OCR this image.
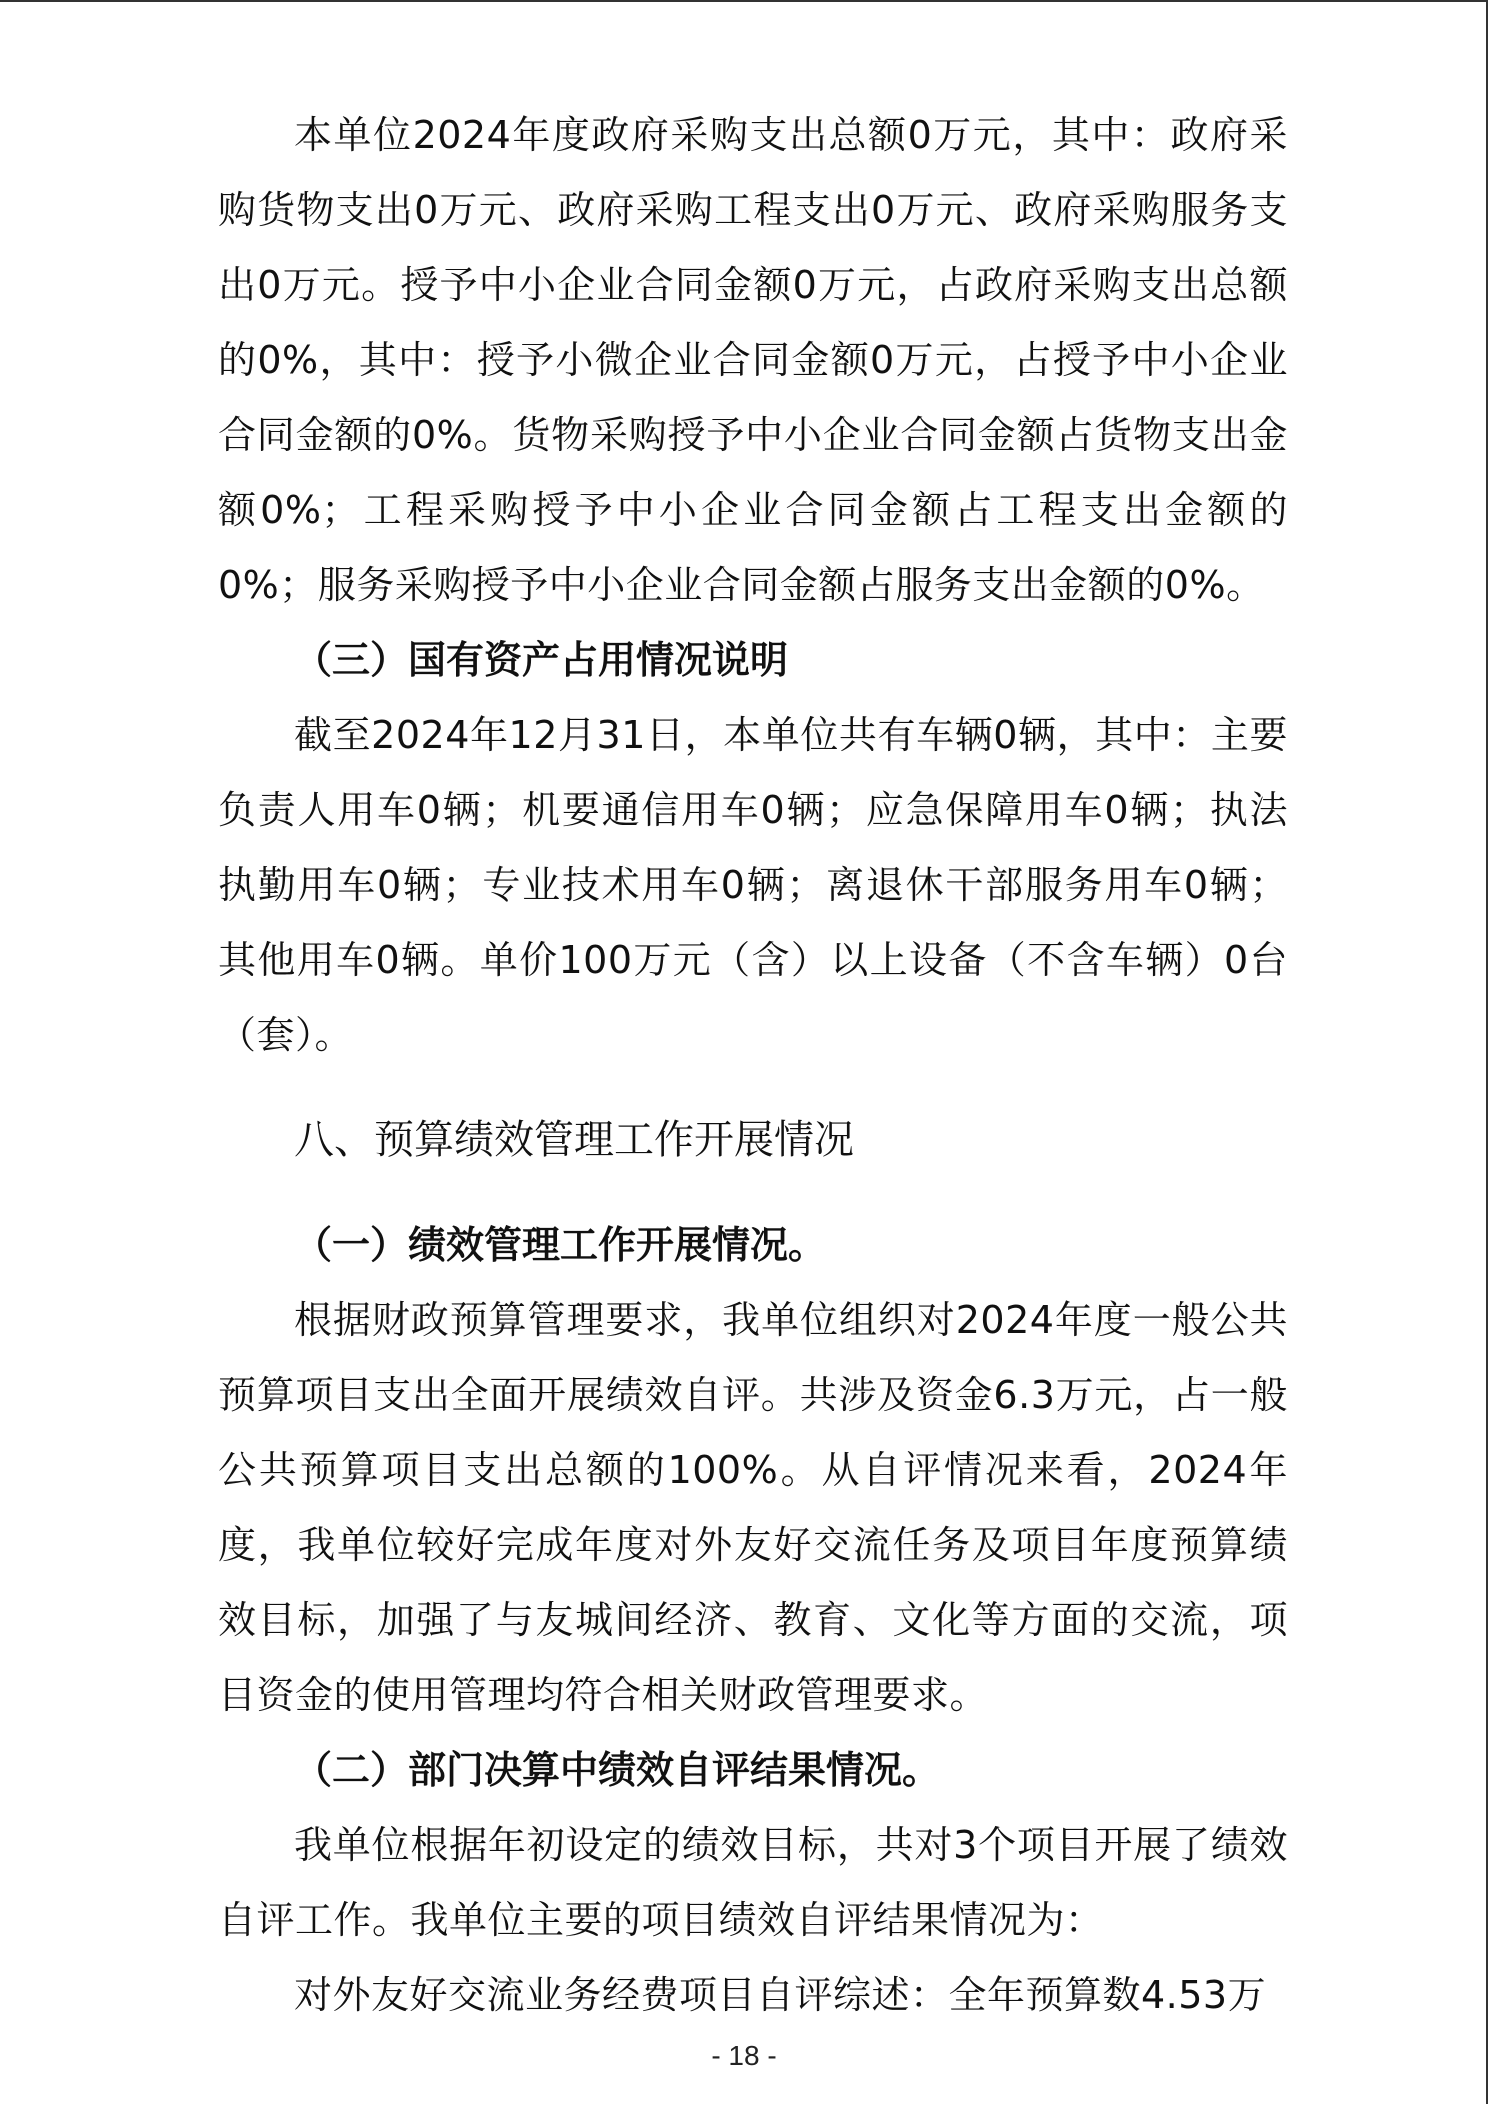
本单位2024年度政府采购支出总额0万元，其中：政府采购货物支出0万元、政府采购工程支出0万元、政府采购服务支出0万元。授予中小企业合同金额0万元，占政府采购支出总额的0%，其中：授予小微企业合同金额0万元，占授予中小企业合同金额的0%。货物采购授予中小企业合同金额占货物支出金额0%；工程采购授予中小企业合同金额占工程支出金额的0%；服务采购授予中小企业合同金额占服务支出金额的0%。

（三）国有资产占用情况说明

截至2024年12月31日，本单位共有车辆0辆，其中：主要负责人用车0辆；机要通信用车0辆；应急保障用车0辆；执法执勤用车0辆；专业技术用车0辆；离退休干部服务用车0辆；其他用车0辆。单价100万元（含）以上设备（不含车辆）0台（套）。

八、预算绩效管理工作开展情况

（一）绩效管理工作开展情况。

根据财政预算管理要求，我单位组织对2024年度一般公共预算项目支出全面开展绩效自评。共涉及资金6.3万元，占一般公共预算项目支出总额的100%。从自评情况来看，2024年度，我单位较好完成年度对外友好交流任务及项目年度预算绩效目标，加强了与友城间经济、教育、文化等方面的交流，项目资金的使用管理均符合相关财政管理要求。

（二）部门决算中绩效自评结果情况。

我单位根据年初设定的绩效目标，共对3个项目开展了绩效自评工作。我单位主要的项目绩效自评结果情况为：

对外友好交流业务经费项目自评综述：全年预算数4.53万

- 18 -
